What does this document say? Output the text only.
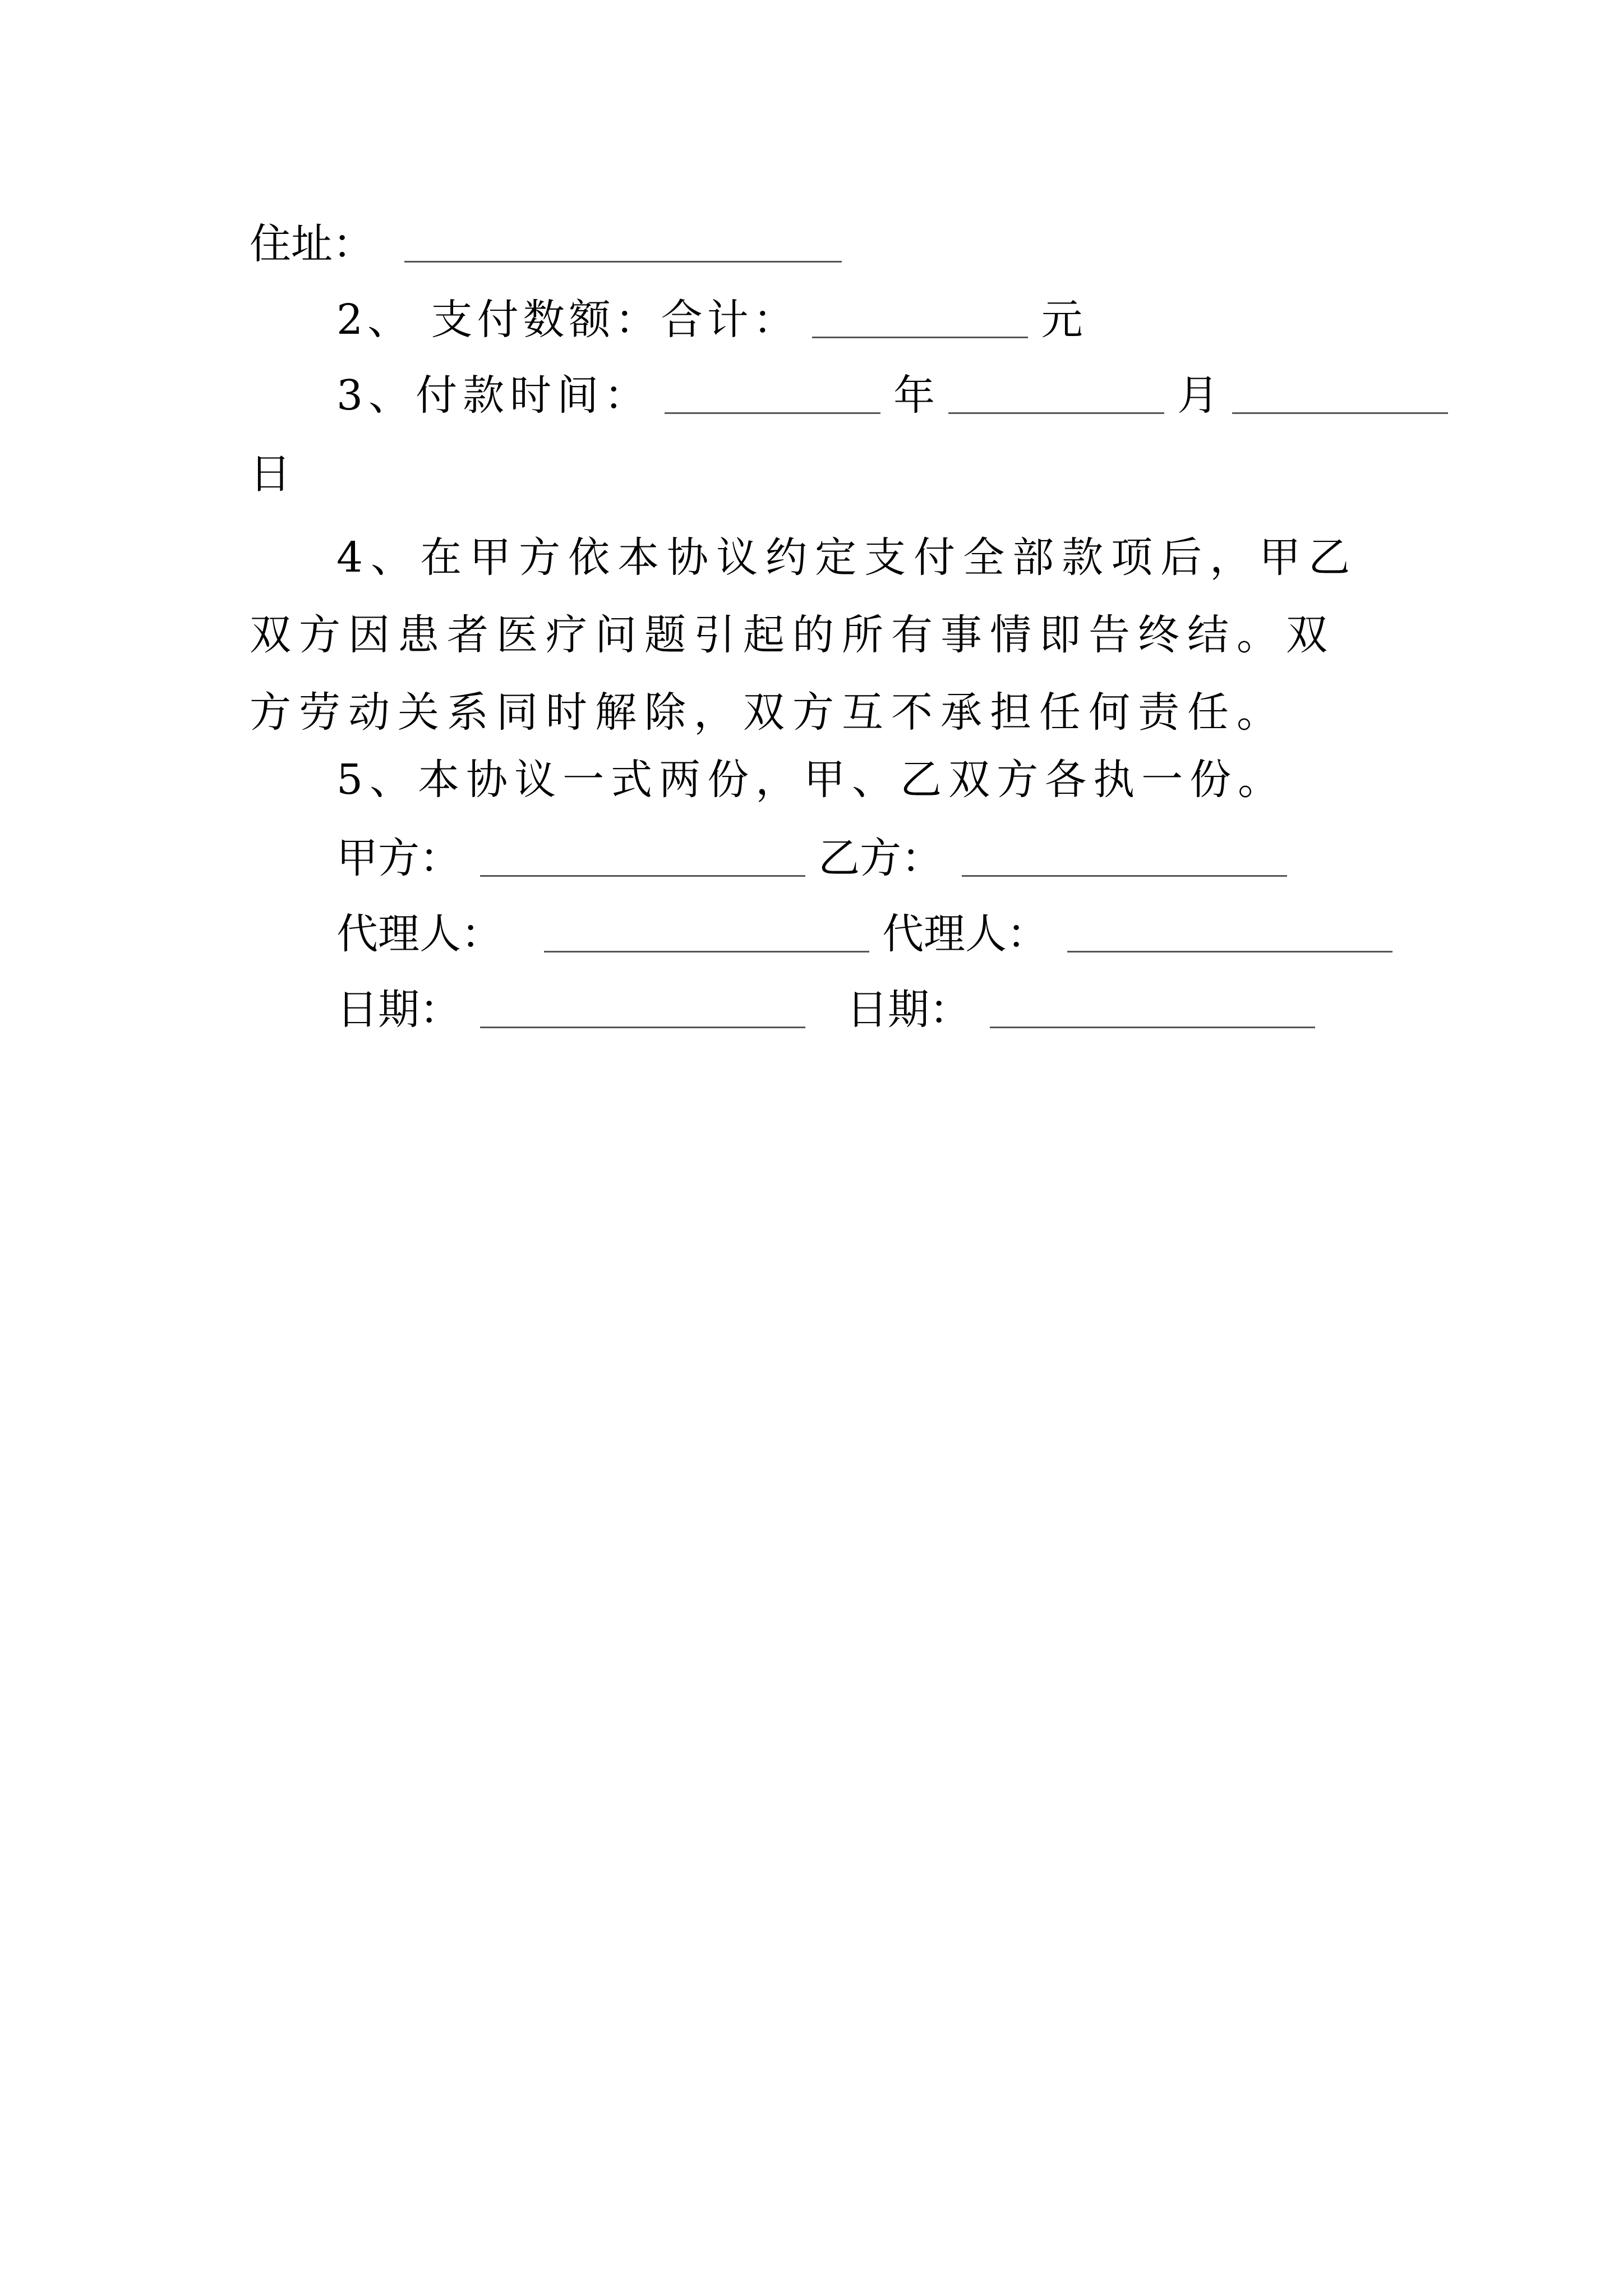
住址：
2、 支付数额：合计：	元
3、付款时间：	年	月
日

4、在甲方依本协议约定支付全部款项后，甲乙双方因患者医疗问题引起的所有事情即告终结。双方劳动关系同时解除，双方互不承担任何责任。

5、本协议一式两份，甲、乙双方各执一份。
甲方：	乙方：
代理人：	代理人：
日期：	日期：
